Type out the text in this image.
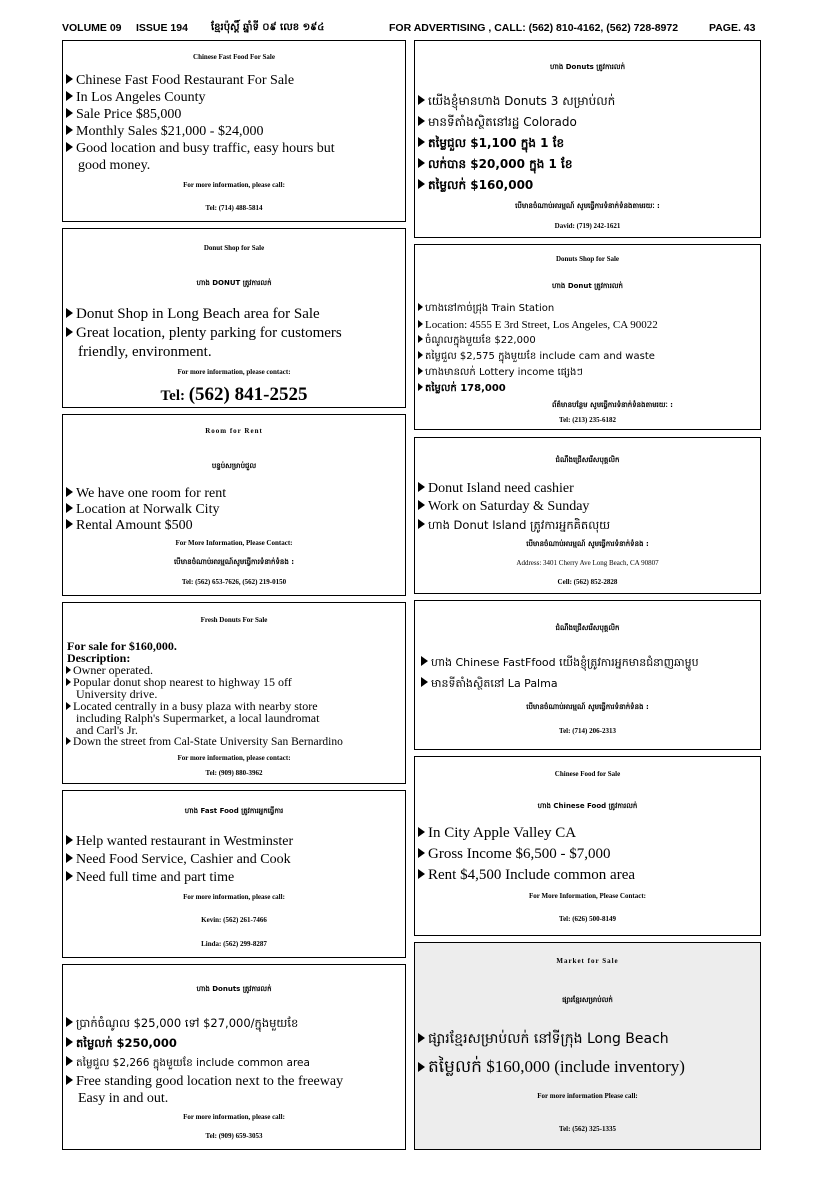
VOLUME 09 ISSUE 194 ខ្មែរប៉ុស្តិ៍ ឆ្នាំទី ០៩ លេខ ១៩៤	FOR ADVERTISING , CALL: (562) 810-4162, (562) 728-8972	PAGE. 43
Chinese Fast Food For Sale
Chinese Fast Food Restaurant For Sale
In Los Angeles County
Sale Price $85,000
Monthly Sales $21,000 - $24,000
Good location and busy traffic, easy hours but
good money.
For more information, please call:
Tel: (714) 488-5814
ហាង Donuts ត្រូវការលក់
យើងខ្ញុំមានហាង Donuts 3 សម្រាប់លក់
មានទីតាំងស្ថិតនៅរដ្ឋ Colorado
តម្លៃជួល $1,100 ក្នុង 1 ខែ
លក់បាន $20,000 ក្នុង 1 ខែ
តម្លៃលក់ $160,000
បើមានចំណាប់អារម្មណ៍ សូមធ្វើការទំនាក់ទំនងតាមរយៈ :
David: (719) 242-1621
Donut Shop for Sale
ហាង DONUT ត្រូវការលក់
Donut Shop in Long Beach area for Sale
Great location, plenty parking for customers
friendly, environment.
For more information, please contact:
Tel: (562) 841-2525
Donuts Shop for Sale
ហាង Donut ត្រូវការលក់
ហាងនៅកាច់ជ្រុង Train Station
Location: 4555 E 3rd Street, Los Angeles, CA 90022
ចំណូលក្នុងមួយខែ $22,000
តម្លៃជួល $2,575 ក្នុងមួយខែ include cam and waste
ហាងមានលក់ Lottery income ផ្សេងៗ
តម្លៃលក់ 178,000
ព័ត៌មានបន្ថែម សូមធ្វើការទំនាក់ទំនងតាមរយៈ :
Tel: (213) 235-6182
Room for Rent
បន្ទប់សម្រាប់ជួល
We have one room for rent
Location at Norwalk City
Rental Amount $500
For More Information, Please Contact:
បើមានចំណាប់អារម្មណ៍សូមធ្វើការទំនាក់ទំនង :
Tel: (562) 653-7626, (562) 219-0150
ជំណឹងជ្រើសរើសបុគ្គលិក
Donut Island need cashier
Work on Saturday & Sunday
ហាង Donut Island ត្រូវការអ្នកគិតលុយ
បើមានចំណាប់អារម្មណ៍ សូមធ្វើការទំនាក់ទំនង :
Address: 3401 Cherry Ave Long Beach, CA 90807
Cell: (562) 852-2828
Fresh Donuts For Sale
For sale for $160,000.
Description:
Owner operated.
Popular donut shop nearest to highway 15 off
University drive.
Located centrally in a busy plaza with nearby store
including Ralph's Supermarket, a local laundromat
and Carl's Jr.
Down the street from Cal-State University San Bernardino
For more information, please contact:
Tel: (909) 880-3962
ជំណឹងជ្រើសរើសបុគ្គលិក
ហាង Chinese FastFfood យើងខ្ញុំត្រូវការអ្នកមានជំនាញឆាម្ហូប
មានទីតាំងស្ថិតនៅ La Palma
បើមានចំណាប់អារម្មណ៍ សូមធ្វើការទំនាក់ទំនង :
Tel: (714) 206-2313
ហាង Fast Food ត្រូវការអ្នកធ្វើការ
Help wanted restaurant in Westminster
Need Food Service, Cashier and Cook
Need full time and part time
For more information, please call:
Kevin: (562) 261-7466
Linda: (562) 299-8287
Chinese Food for Sale
ហាង Chinese Food ត្រូវការលក់
In City Apple Valley CA
Gross Income $6,500 - $7,000
Rent $4,500 Include common area
For More Information, Please Contact:
Tel: (626) 500-8149
ហាង Donuts ត្រូវការលក់
ប្រាក់ចំណូល $25,000 ទៅ $27,000/ក្នុងមួយខែ
តម្លៃលក់ $250,000
តម្លៃជួល $2,266 ក្នុងមួយខែ include common area
Free standing good location next to the freeway
Easy in and out.
For more information, please call:
Tel: (909) 659-3053
Market for Sale
ផ្សារខ្មែរសម្រាប់លក់
ផ្សារខ្មែរសម្រាប់លក់ នៅទីក្រុង Long Beach
តម្លៃលក់ $160,000 (include inventory)
For more information Please call:
Tel: (562) 325-1335
